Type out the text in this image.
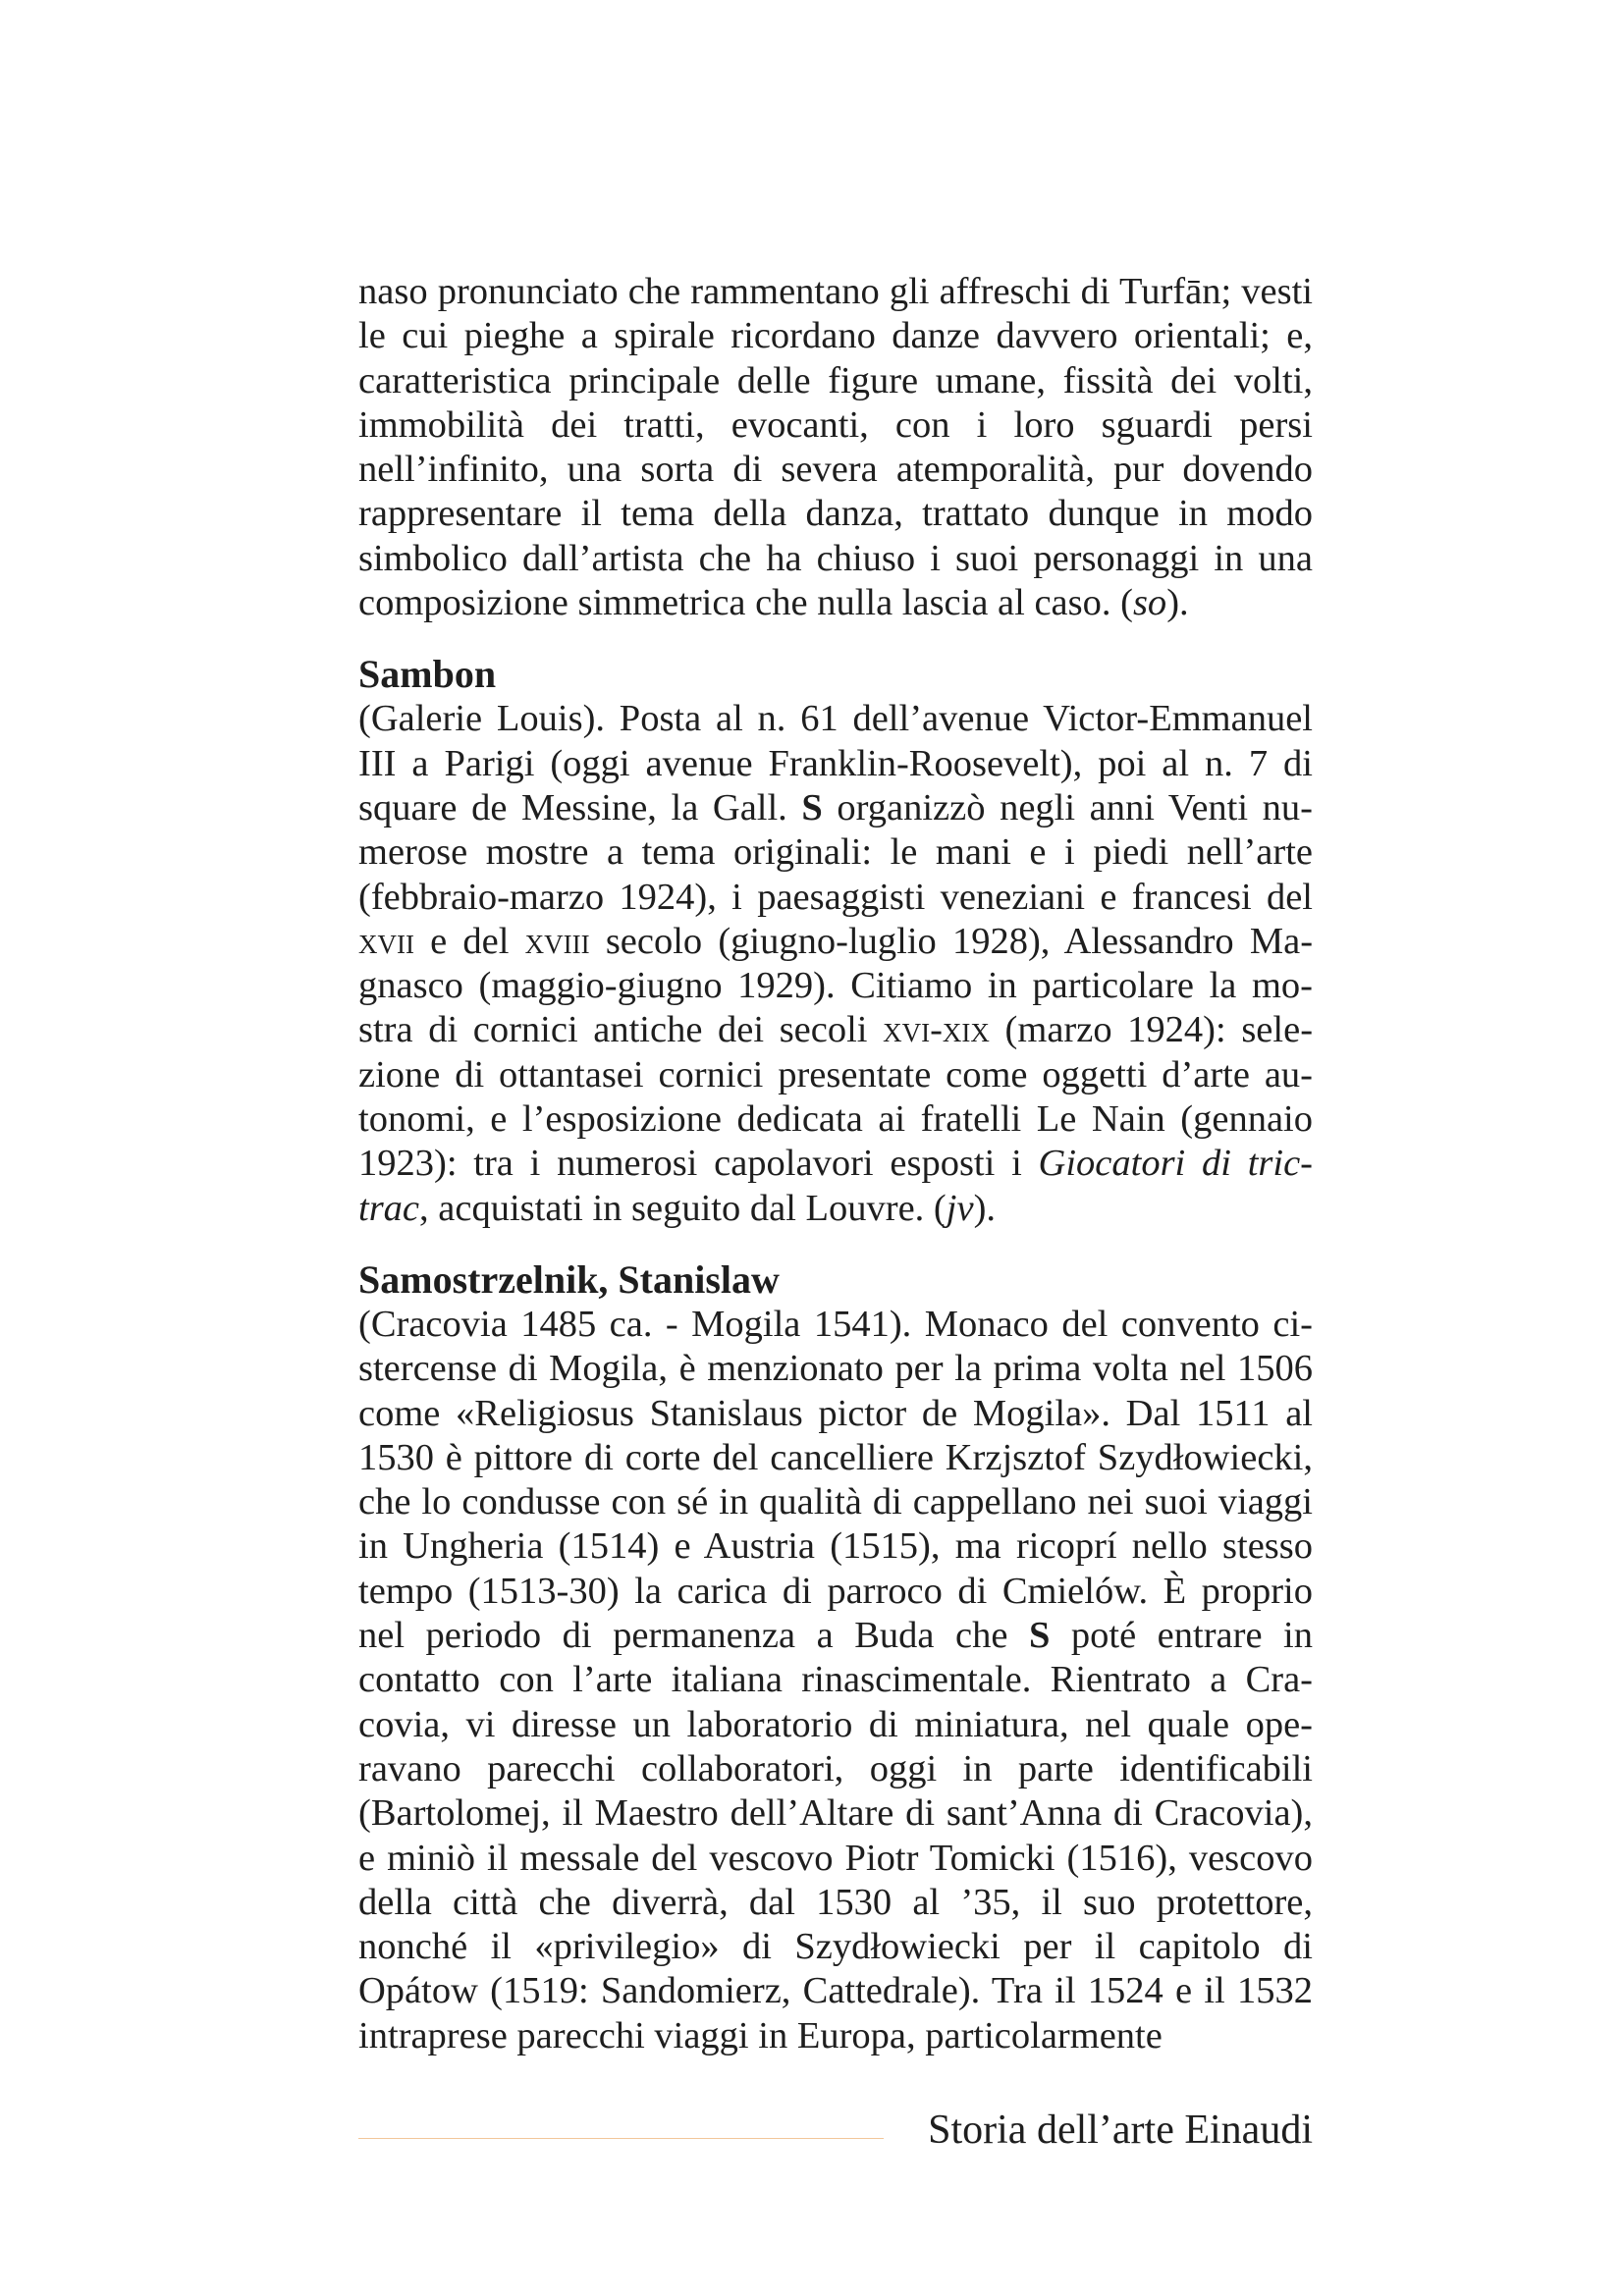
naso pronunciato che rammentano gli affreschi di Turfān; vesti le cui pieghe a spirale ricordano danze davvero orientali; e, caratteristica principale delle figure umane, fissità dei volti, immobilità dei tratti, evocanti, con i loro sguardi persi nell’infinito, una sorta di severa atemporalità, pur dovendo rappresentare il tema della danza, trattato dunque in modo simbolico dall’artista che ha chiuso i suoi personaggi in una composizione simmetrica che nulla lascia al caso. (so).

Sambon

(Galerie Louis). Posta al n. 61 dell’avenue Victor-Emmanuel III a Parigi (oggi avenue Franklin-Roosevelt), poi al n. 7 di square de Messine, la Gall. S organizzò negli anni Venti numerose mostre a tema originali: le mani e i piedi nell’arte (febbraio-marzo 1924), i paesaggisti veneziani e francesi del xvii e del xviii secolo (giugno-luglio 1928), Alessandro Magnasco (maggio-giugno 1929). Citiamo in particolare la mostra di cornici antiche dei secoli xvi-xix (marzo 1924): selezione di ottantasei cornici presentate come oggetti d’arte autonomi, e l’esposizione dedicata ai fratelli Le Nain (gennaio 1923): tra i numerosi capolavori esposti i Giocatori di tric-trac, acquistati in seguito dal Louvre. (jv).

Samostrzelnik, Stanislaw

(Cracovia 1485 ca. - Mogila 1541). Monaco del convento cistercense di Mogila, è menzionato per la prima volta nel 1506 come «Religiosus Stanislaus pictor de Mogila». Dal 1511 al 1530 è pittore di corte del cancelliere Krzjsztof Szydłowiecki, che lo condusse con sé in qualità di cappellano nei suoi viaggi in Ungheria (1514) e Austria (1515), ma ricoprí nello stesso tempo (1513-30) la carica di parroco di Cmielów. È proprio nel periodo di permanenza a Buda che S poté entrare in contatto con l’arte italiana rinascimentale. Rientrato a Cracovia, vi diresse un laboratorio di miniatura, nel quale operavano parecchi collaboratori, oggi in parte identificabili (Bartolomej, il Maestro dell’Altare di sant’Anna di Cracovia), e miniò il messale del vescovo Piotr Tomicki (1516), vescovo della città che diverrà, dal 1530 al ’35, il suo protettore, nonché il «privilegio» di Szydłowiecki per il capitolo di Opátow (1519: Sandomierz, Cattedrale). Tra il 1524 e il 1532 intraprese parecchi viaggi in Europa, particolarmente

Storia dell’arte Einaudi
